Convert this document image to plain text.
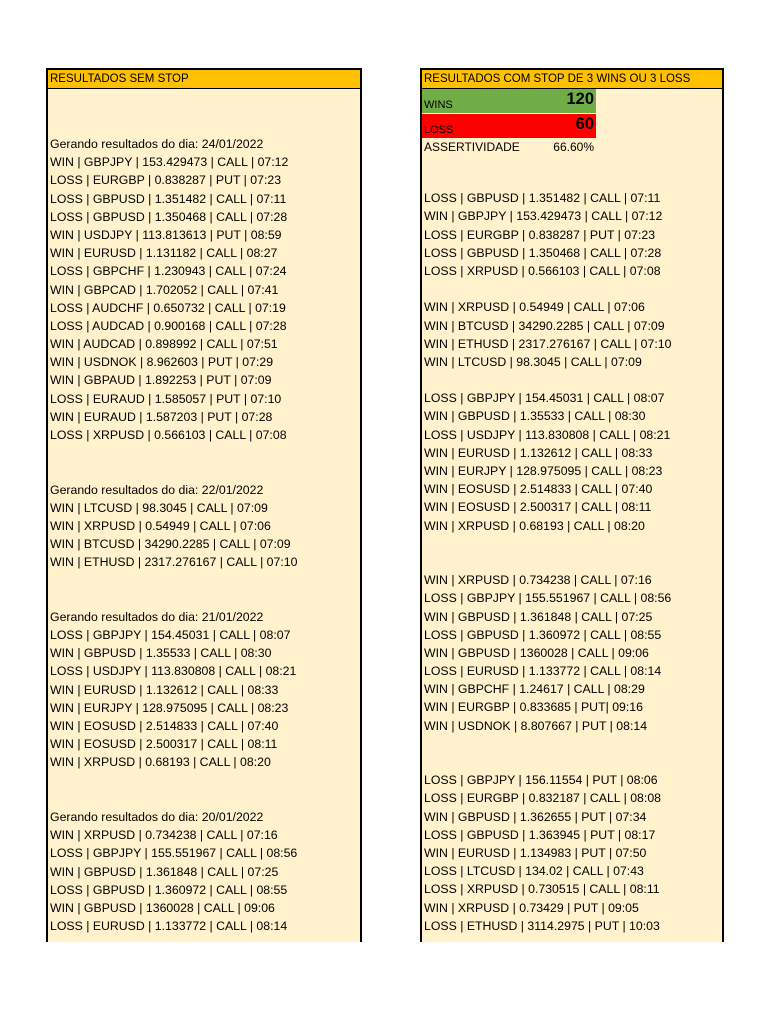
RESULTADOS SEM STOP
Gerando resultados do dia: 24/01/2022
WIN | GBPJPY | 153.429473 | CALL | 07:12
LOSS | EURGBP | 0.838287 | PUT | 07:23
LOSS | GBPUSD | 1.351482 | CALL | 07:11
LOSS | GBPUSD | 1.350468 | CALL | 07:28
WIN | USDJPY | 113.813613 | PUT | 08:59
WIN | EURUSD | 1.131182 | CALL | 08:27
LOSS | GBPCHF | 1.230943 | CALL | 07:24
WIN | GBPCAD | 1.702052 | CALL | 07:41
LOSS | AUDCHF | 0.650732 | CALL | 07:19
LOSS | AUDCAD | 0.900168 | CALL | 07:28
WIN | AUDCAD | 0.898992 | CALL | 07:51
WIN | USDNOK | 8.962603 | PUT | 07:29
WIN | GBPAUD | 1.892253 | PUT | 07:09
LOSS | EURAUD | 1.585057 | PUT | 07:10
WIN | EURAUD | 1.587203 | PUT | 07:28
LOSS | XRPUSD | 0.566103 | CALL | 07:08
Gerando resultados do dia: 22/01/2022
WIN | LTCUSD | 98.3045 | CALL | 07:09
WIN | XRPUSD | 0.54949 | CALL | 07:06
WIN | BTCUSD | 34290.2285 | CALL | 07:09
WIN | ETHUSD | 2317.276167 | CALL | 07:10
Gerando resultados do dia: 21/01/2022
LOSS | GBPJPY | 154.45031 | CALL | 08:07
WIN | GBPUSD | 1.35533 | CALL | 08:30
LOSS | USDJPY | 113.830808 | CALL | 08:21
WIN | EURUSD | 1.132612 | CALL | 08:33
WIN | EURJPY | 128.975095 | CALL | 08:23
WIN | EOSUSD | 2.514833 | CALL | 07:40
WIN | EOSUSD | 2.500317 | CALL | 08:11
WIN | XRPUSD | 0.68193 | CALL | 08:20
Gerando resultados do dia: 20/01/2022
WIN | XRPUSD | 0.734238 | CALL | 07:16
LOSS | GBPJPY | 155.551967 | CALL | 08:56
WIN | GBPUSD | 1.361848 | CALL | 07:25
LOSS | GBPUSD | 1.360972 | CALL | 08:55
WIN | GBPUSD | 1360028 | CALL | 09:06
LOSS | EURUSD | 1.133772 | CALL | 08:14
RESULTADOS COM STOP DE 3 WINS OU 3 LOSS
WINS	120
LOSS	60
ASSERTIVIDADE	66.60%
LOSS | GBPUSD | 1.351482 | CALL | 07:11
WIN | GBPJPY | 153.429473 | CALL | 07:12
LOSS | EURGBP | 0.838287 | PUT | 07:23
LOSS | GBPUSD | 1.350468 | CALL | 07:28
LOSS | XRPUSD | 0.566103 | CALL | 07:08
WIN | XRPUSD | 0.54949 | CALL | 07:06
WIN | BTCUSD | 34290.2285 | CALL | 07:09
WIN | ETHUSD | 2317.276167 | CALL | 07:10
WIN | LTCUSD | 98.3045 | CALL | 07:09
LOSS | GBPJPY | 154.45031 | CALL | 08:07
WIN | GBPUSD | 1.35533 | CALL | 08:30
LOSS | USDJPY | 113.830808 | CALL | 08:21
WIN | EURUSD | 1.132612 | CALL | 08:33
WIN | EURJPY | 128.975095 | CALL | 08:23
WIN | EOSUSD | 2.514833 | CALL | 07:40
WIN | EOSUSD | 2.500317 | CALL | 08:11
WIN | XRPUSD | 0.68193 | CALL | 08:20
WIN | XRPUSD | 0.734238 | CALL | 07:16
LOSS | GBPJPY | 155.551967 | CALL | 08:56
WIN | GBPUSD | 1.361848 | CALL | 07:25
LOSS | GBPUSD | 1.360972 | CALL | 08:55
WIN | GBPUSD | 1360028 | CALL | 09:06
LOSS | EURUSD | 1.133772 | CALL | 08:14
WIN | GBPCHF | 1.24617 | CALL | 08:29
WIN | EURGBP | 0.833685 | PUT| 09:16
WIN | USDNOK | 8.807667 | PUT | 08:14
LOSS | GBPJPY | 156.11554 | PUT | 08:06
LOSS | EURGBP | 0.832187 | CALL | 08:08
WIN | GBPUSD | 1.362655 | PUT | 07:34
LOSS | GBPUSD | 1.363945 | PUT | 08:17
WIN | EURUSD | 1.134983 | PUT | 07:50
LOSS | LTCUSD | 134.02 | CALL | 07:43
LOSS | XRPUSD | 0.730515 | CALL | 08:11
WIN | XRPUSD | 0.73429 | PUT | 09:05
LOSS | ETHUSD | 3114.2975 | PUT | 10:03
